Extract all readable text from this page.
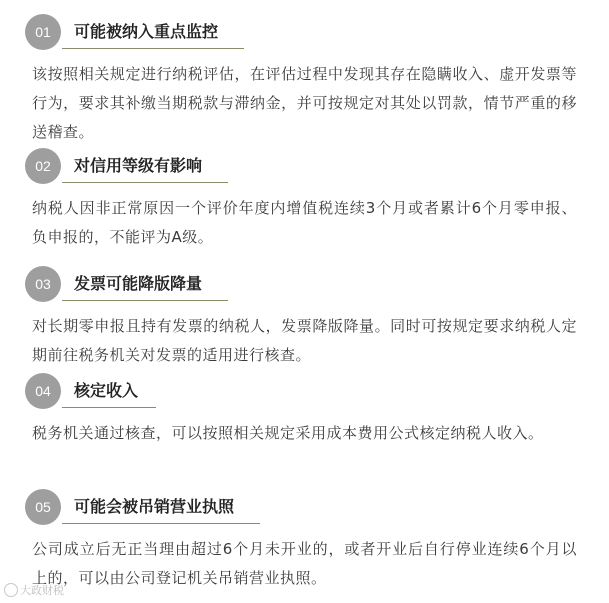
01	可能被纳入重点监控
该按照相关规定进行纳税评估，在评估过程中发现其存在隐瞒收入、虚开发票等行为，要求其补缴当期税款与滞纳金，并可按规定对其处以罚款，情节严重的移送稽查。
02	对信用等级有影响
纳税人因非正常原因一个评价年度内增值税连续3个月或者累计6个月零申报、负申报的，不能评为A级。
03	发票可能降版降量
对长期零申报且持有发票的纳税人，发票降版降量。同时可按规定要求纳税人定期前往税务机关对发票的适用进行核查。
04	核定收入
税务机关通过核查，可以按照相关规定采用成本费用公式核定纳税人收入。
05	可能会被吊销营业执照
公司成立后无正当理由超过6个月未开业的，或者开业后自行停业连续6个月以上的，可以由公司登记机关吊销营业执照。
大政财税
